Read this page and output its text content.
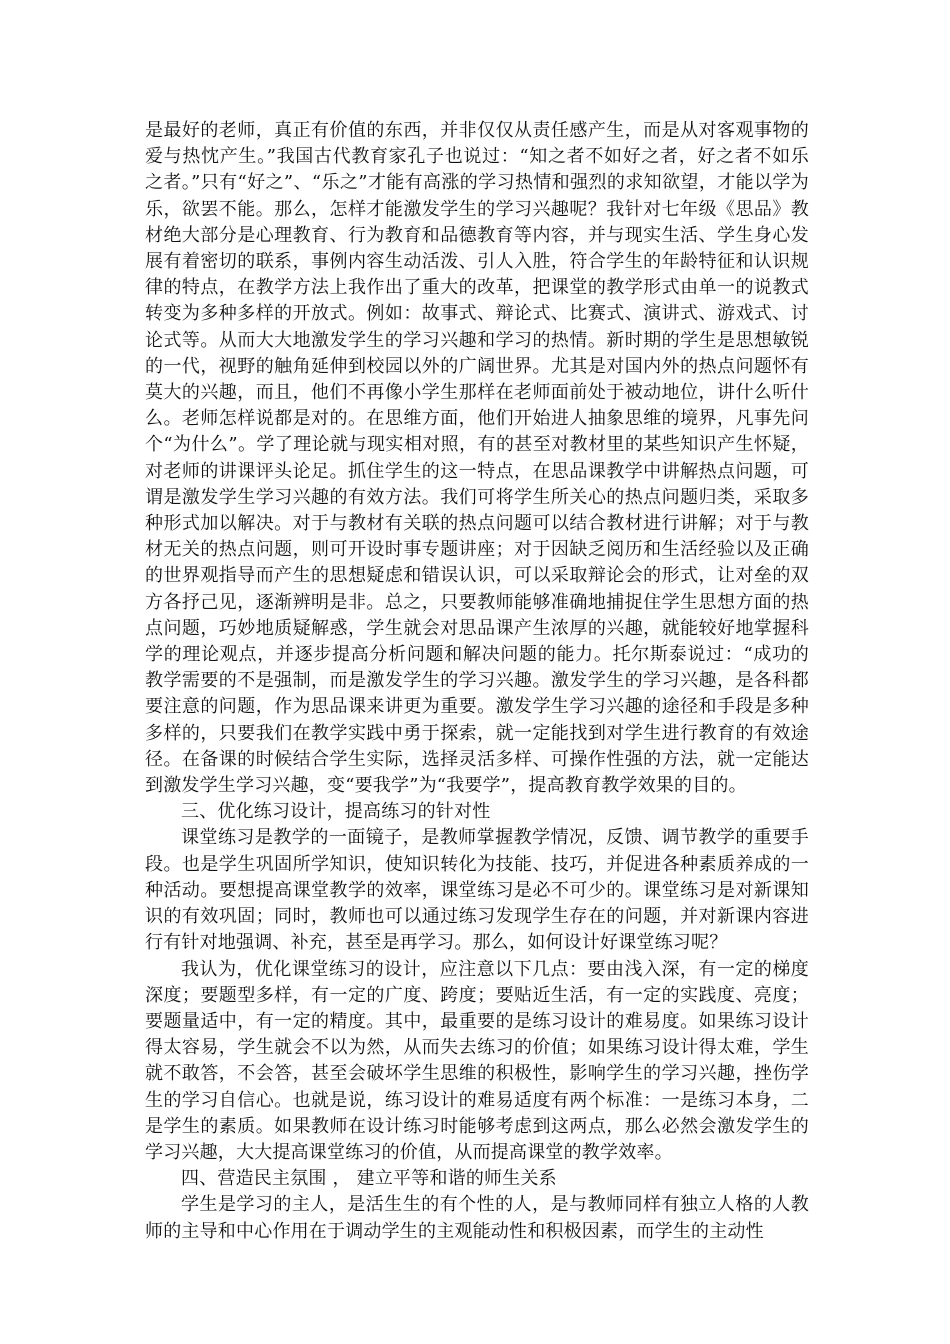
是最好的老师，真正有价值的东西，并非仅仅从责任感产生，而是从对客观事物的爱与热忱产生。”我国古代教育家孔子也说过：“知之者不如好之者，好之者不如乐之者。”只有“好之”、“乐之”才能有高涨的学习热情和强烈的求知欲望，才能以学为乐，欲罢不能。那么，怎样才能激发学生的学习兴趣呢？我针对七年级《思品》教材绝大部分是心理教育、行为教育和品德教育等内容，并与现实生活、学生身心发展有着密切的联系，事例内容生动活泼、引人入胜，符合学生的年龄特征和认识规律的特点，在教学方法上我作出了重大的改革，把课堂的教学形式由单一的说教式转变为多种多样的开放式。例如：故事式、辩论式、比赛式、演讲式、游戏式、讨论式等。从而大大地激发学生的学习兴趣和学习的热情。新时期的学生是思想敏锐的一代，视野的触角延伸到校园以外的广阔世界。尤其是对国内外的热点问题怀有莫大的兴趣，而且，他们不再像小学生那样在老师面前处于被动地位，讲什么听什么。老师怎样说都是对的。在思维方面，他们开始进人抽象思维的境界，凡事先问个“为什么”。学了理论就与现实相对照，有的甚至对教材里的某些知识产生怀疑，对老师的讲课评头论足。抓住学生的这一特点，在思品课教学中讲解热点问题，可谓是激发学生学习兴趣的有效方法。我们可将学生所关心的热点问题归类，采取多种形式加以解决。对于与教材有关联的热点问题可以结合教材进行讲解；对于与教材无关的热点问题，则可开设时事专题讲座；对于因缺乏阅历和生活经验以及正确的世界观指导而产生的思想疑虑和错误认识，可以采取辩论会的形式，让对垒的双方各抒己见，逐渐辨明是非。总之，只要教师能够准确地捕捉住学生思想方面的热点问题，巧妙地质疑解惑，学生就会对思品课产生浓厚的兴趣，就能较好地掌握科学的理论观点，并逐步提高分析问题和解决问题的能力。托尔斯泰说过：“成功的教学需要的不是强制，而是激发学生的学习兴趣。激发学生的学习兴趣，是各科都要注意的问题，作为思品课来讲更为重要。激发学生学习兴趣的途径和手段是多种多样的，只要我们在教学实践中勇于探索，就一定能找到对学生进行教育的有效途径。在备课的时候结合学生实际，选择灵活多样、可操作性强的方法，就一定能达到激发学生学习兴趣，变“要我学”为“我要学”，提高教育教学效果的目的。

三、优化练习设计，提高练习的针对性

课堂练习是教学的一面镜子，是教师掌握教学情况，反馈、调节教学的重要手段。也是学生巩固所学知识，使知识转化为技能、技巧，并促进各种素质养成的一种活动。要想提高课堂教学的效率，课堂练习是必不可少的。课堂练习是对新课知识的有效巩固；同时，教师也可以通过练习发现学生存在的问题，并对新课内容进行有针对地强调、补充，甚至是再学习。那么，如何设计好课堂练习呢？

我认为，优化课堂练习的设计，应注意以下几点：要由浅入深，有一定的梯度深度；要题型多样，有一定的广度、跨度；要贴近生活，有一定的实践度、亮度；要题量适中，有一定的精度。其中，最重要的是练习设计的难易度。如果练习设计得太容易，学生就会不以为然，从而失去练习的价值；如果练习设计得太难，学生就不敢答，不会答，甚至会破坏学生思维的积极性，影响学生的学习兴趣，挫伤学生的学习自信心。也就是说，练习设计的难易适度有两个标准：一是练习本身，二是学生的素质。如果教师在设计练习时能够考虑到这两点，那么必然会激发学生的学习兴趣，大大提高课堂练习的价值，从而提高课堂的教学效率。

四、营造民主氛围 ， 建立平等和谐的师生关系

学生是学习的主人，是活生生的有个性的人，是与教师同样有独立人格的人教师的主导和中心作用在于调动学生的主观能动性和积极因素，而学生的主动性
